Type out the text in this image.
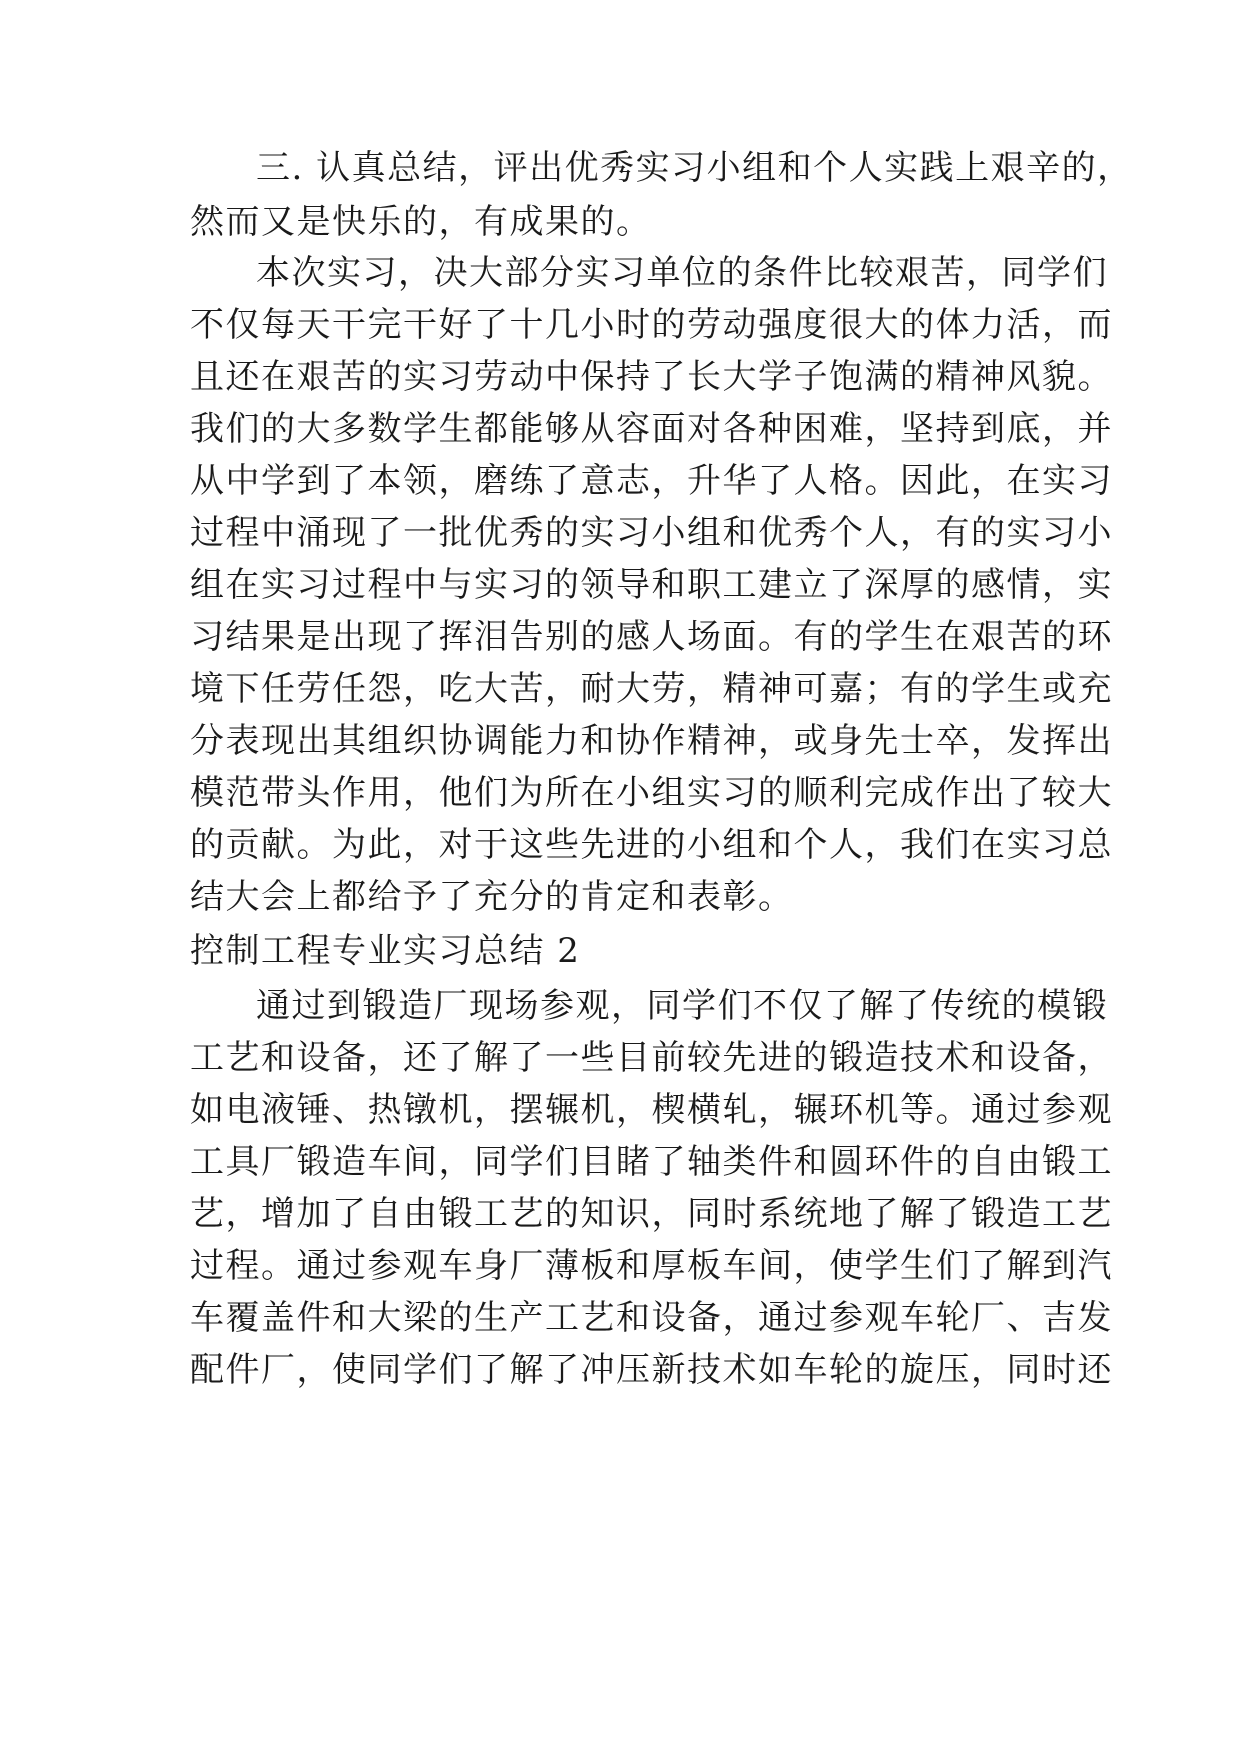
三. 认真总结，评出优秀实习小组和个人实践上艰辛的，
然而又是快乐的，有成果的。
本次实习，决大部分实习单位的条件比较艰苦，同学们
不仅每天干完干好了十几小时的劳动强度很大的体力活，而
且还在艰苦的实习劳动中保持了长大学子饱满的精神风貌。
我们的大多数学生都能够从容面对各种困难，坚持到底，并
从中学到了本领，磨练了意志，升华了人格。因此，在实习
过程中涌现了一批优秀的实习小组和优秀个人，有的实习小
组在实习过程中与实习的领导和职工建立了深厚的感情，实
习结果是出现了挥泪告别的感人场面。有的学生在艰苦的环
境下任劳任怨，吃大苦，耐大劳，精神可嘉；有的学生或充
分表现出其组织协调能力和协作精神，或身先士卒，发挥出
模范带头作用，他们为所在小组实习的顺利完成作出了较大
的贡献。为此，对于这些先进的小组和个人，我们在实习总
结大会上都给予了充分的肯定和表彰。
控制工程专业实习总结 2
通过到锻造厂现场参观，同学们不仅了解了传统的模锻
工艺和设备，还了解了一些目前较先进的锻造技术和设备，
如电液锤、热镦机，摆辗机，楔横轧，辗环机等。通过参观
工具厂锻造车间，同学们目睹了轴类件和圆环件的自由锻工
艺，增加了自由锻工艺的知识，同时系统地了解了锻造工艺
过程。通过参观车身厂薄板和厚板车间，使学生们了解到汽
车覆盖件和大梁的生产工艺和设备，通过参观车轮厂、吉发
配件厂，使同学们了解了冲压新技术如车轮的旋压，同时还
